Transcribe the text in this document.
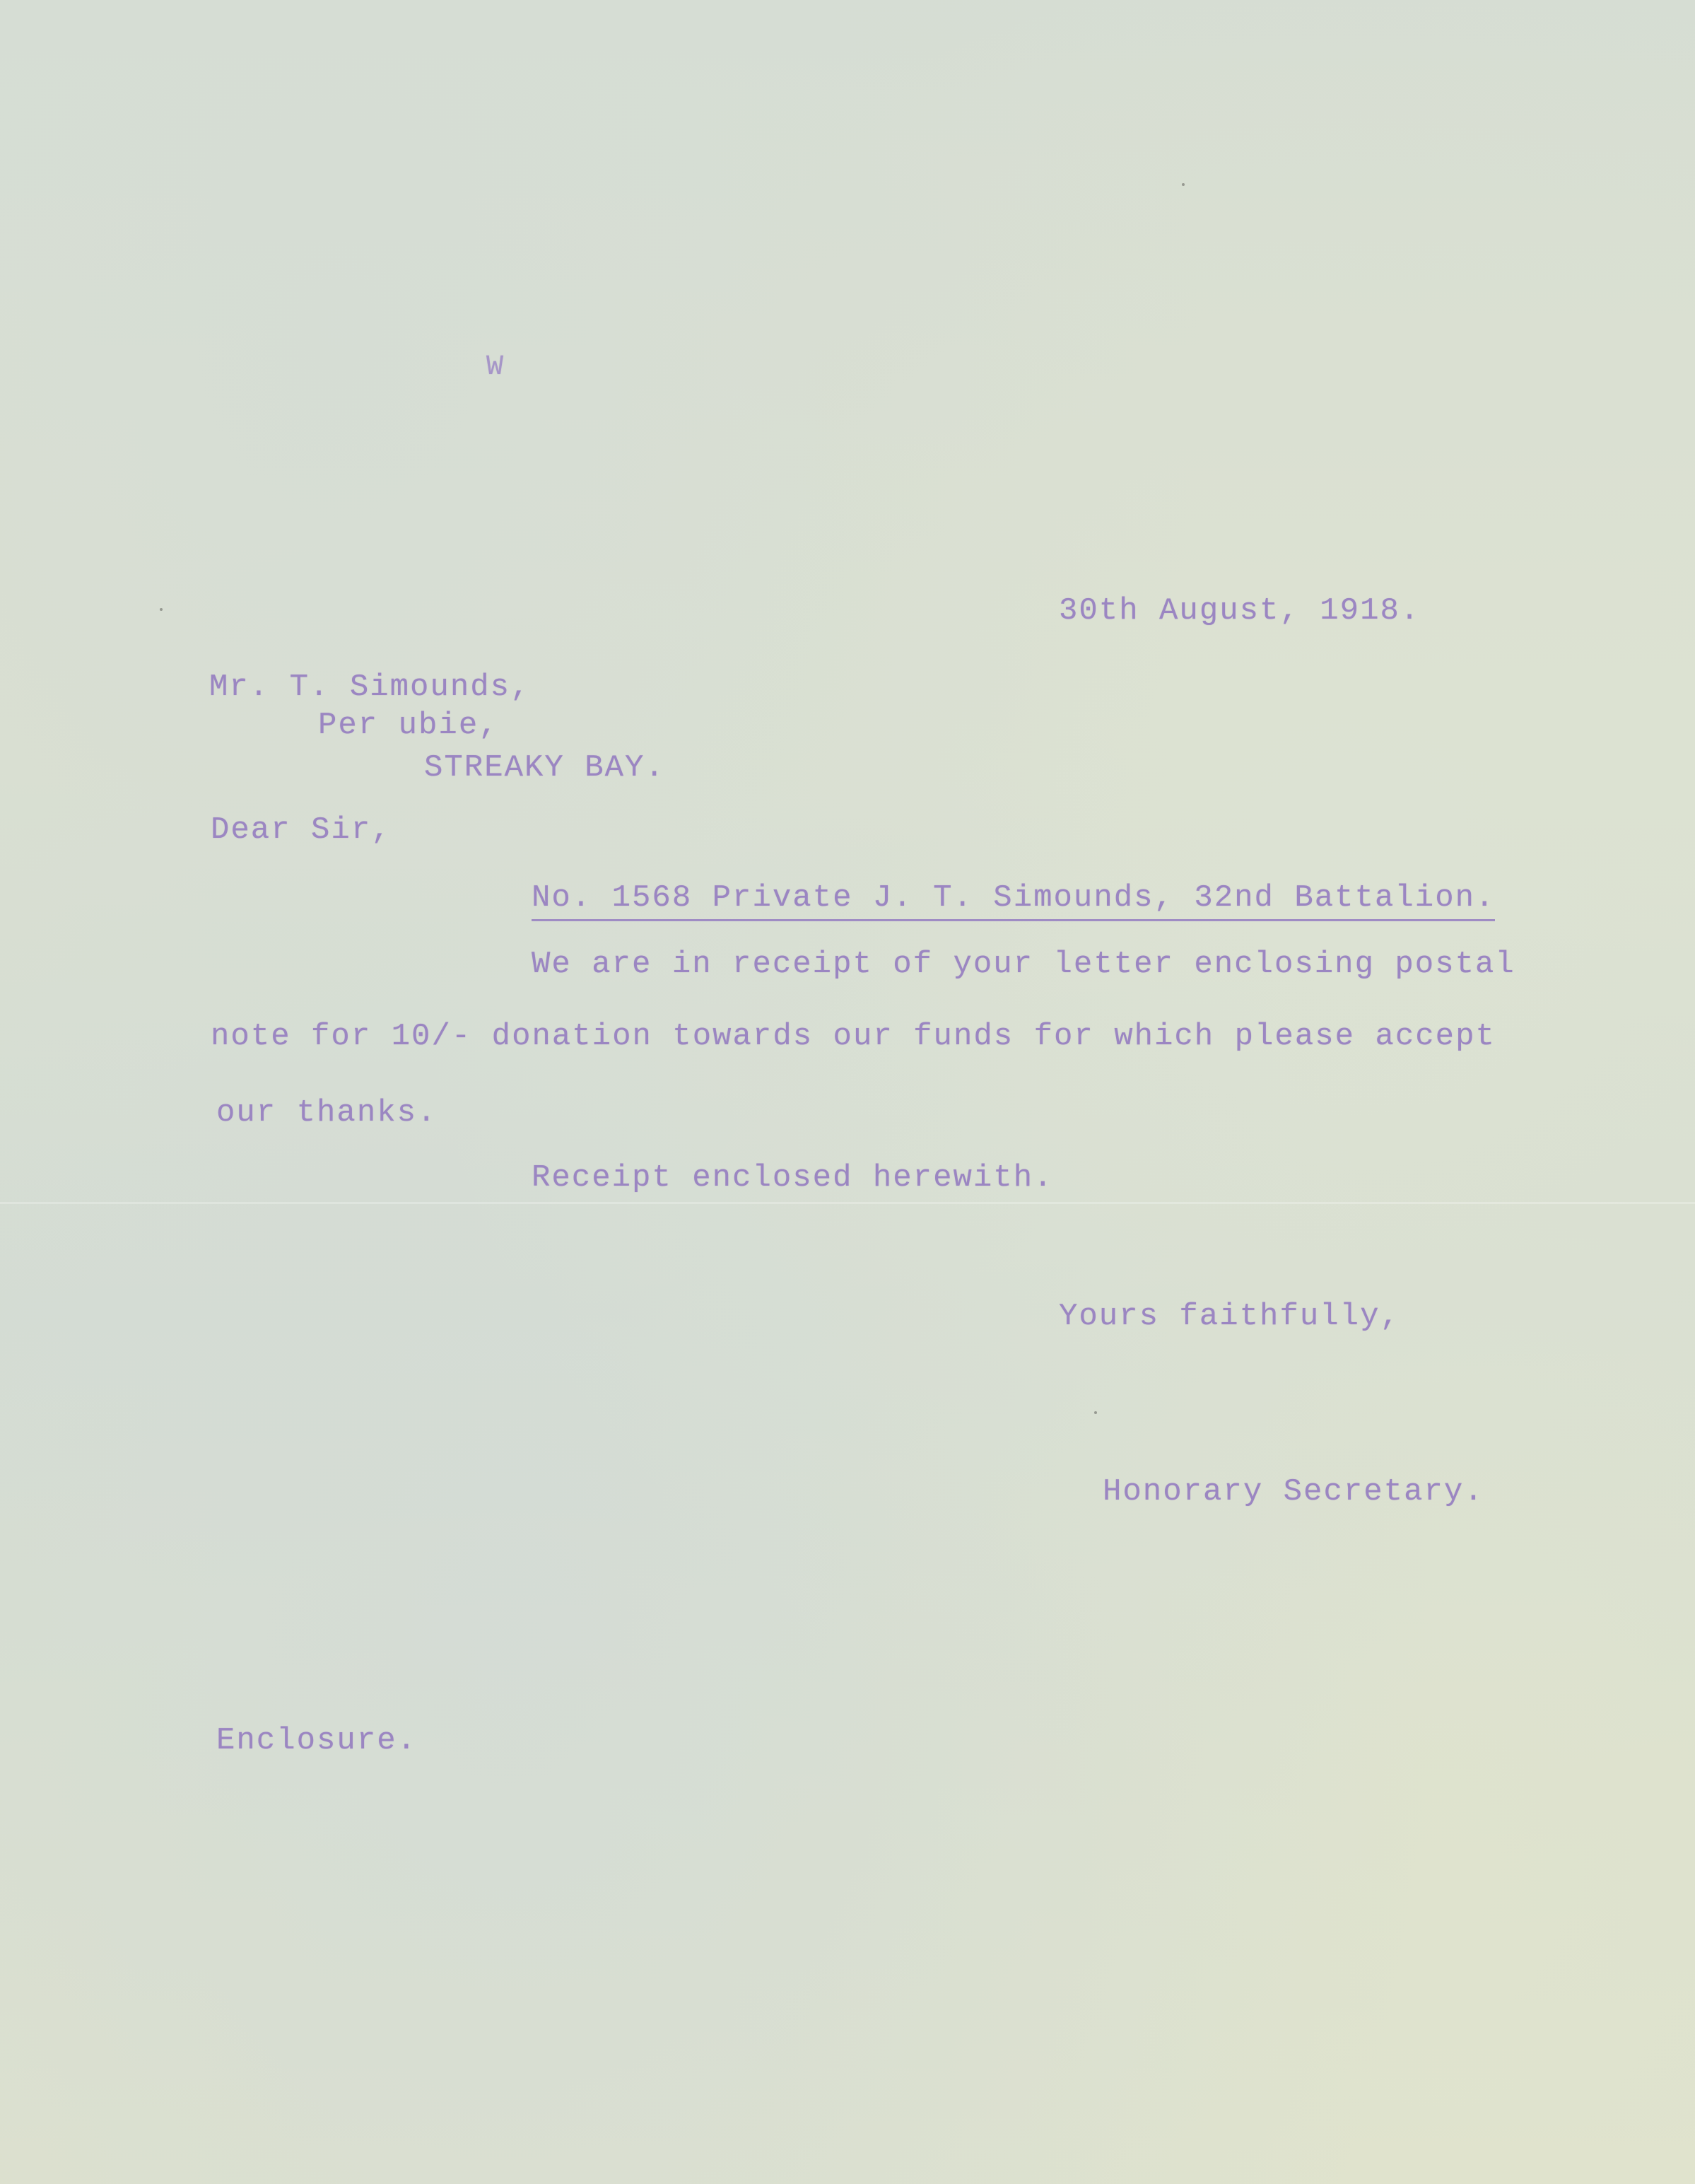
W
30th August, 1918.
Mr. T. Simounds,
Per ubie,
STREAKY BAY.
Dear Sir,
No. 1568 Private J. T. Simounds, 32nd Battalion.
We are in receipt of your letter enclosing postal
note for 10/- donation towards our funds for which please accept
our thanks.
Receipt enclosed herewith.
Yours faithfully,
Honorary Secretary.
Enclosure.
